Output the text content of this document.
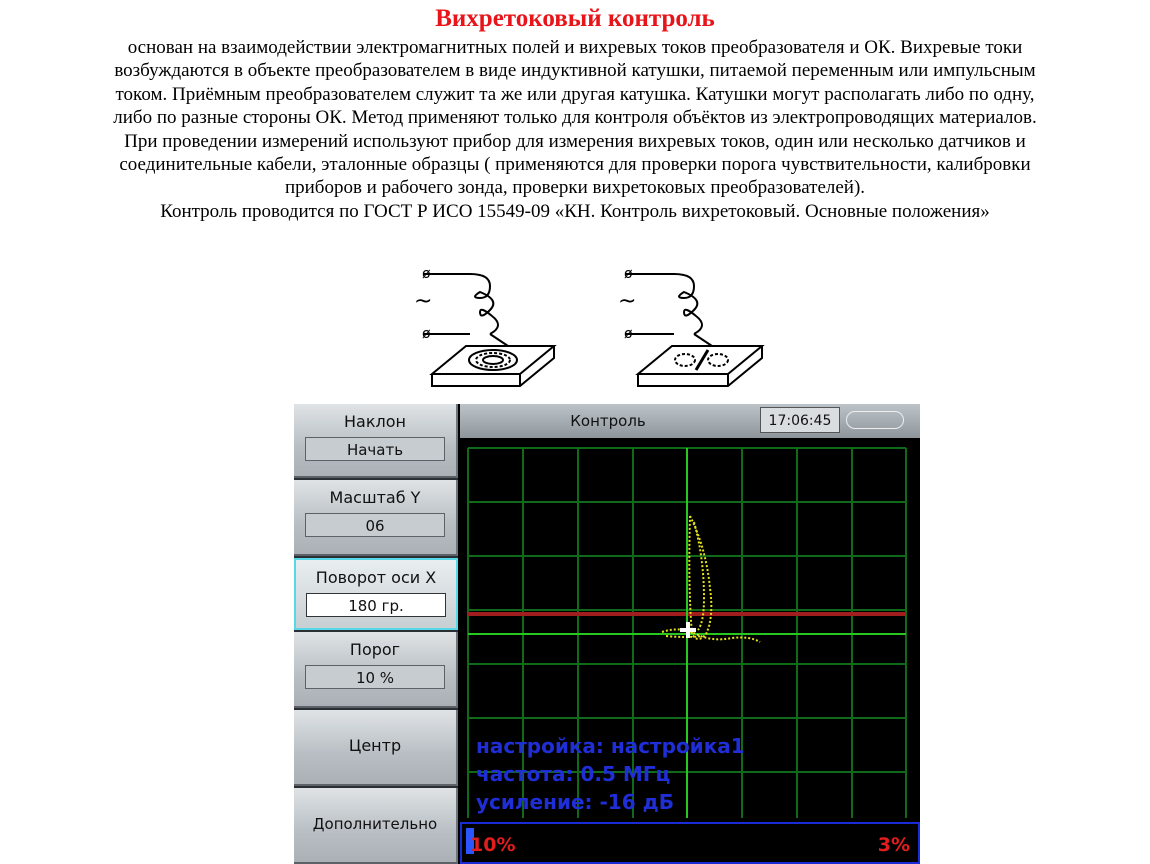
Вихретоковый контроль
основан на взаимодействии электромагнитных полей и вихревых токов преобразователя и ОК. Вихревые токи
возбуждаются в объекте преобразователем в виде индуктивной катушки, питаемой переменным или импульсным
током. Приёмным преобразователем служит та же или другая катушка. Катушки могут располагать либо по одну,
либо по разные стороны ОК. Метод применяют только для контроля объёктов из электропроводящих материалов.
При проведении измерений используют прибор для измерения вихревых токов, один или несколько датчиков и
соединительные кабели, эталонные образцы ( применяются для проверки порога чувствительности, калибровки
приборов и рабочего зонда, проверки вихретоковых преобразователей).
Контроль проводится по ГОСТ Р ИСО 15549-09 «КН. Контроль вихретоковый. Основные положения»
~
ø
ø
~
ø
ø
Наклон
Начать
Масштаб Y
06
Поворот оси X
180 гр.
Порог
10 %
Центр
Дополнительно
Контроль	17:06:45
настройка: настройка1
частота: 0.5 МГц
усиление: -16 дБ
10%	3%
